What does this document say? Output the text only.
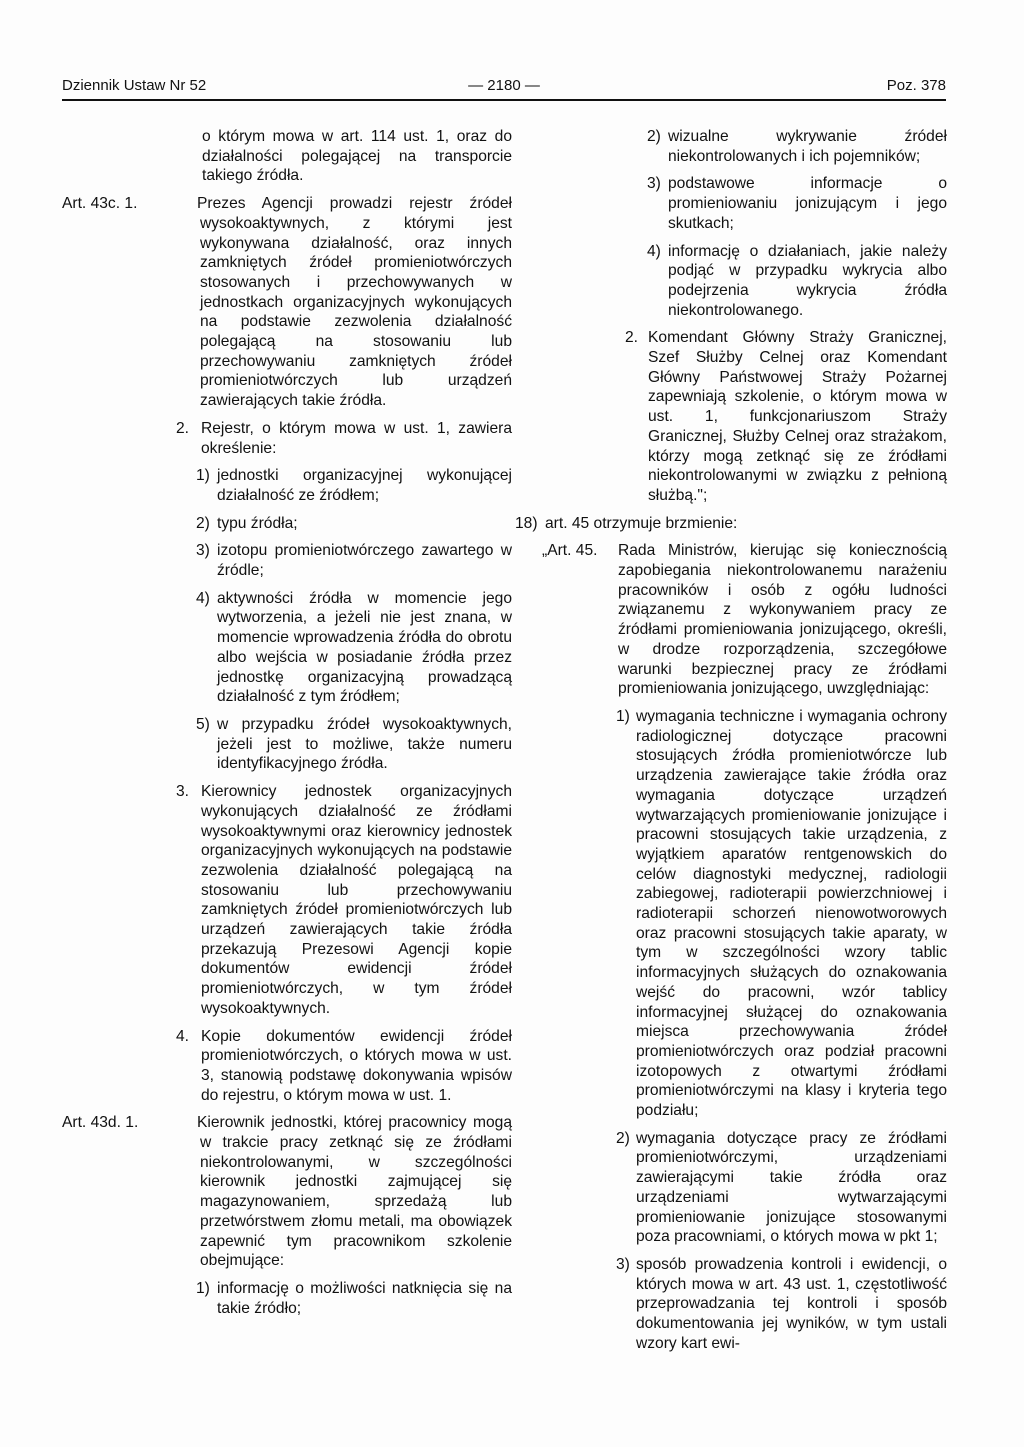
Dziennik Ustaw Nr 52	— 2180 —	Poz. 378

o którym mowa w art. 114 ust. 1, oraz do działalności polegającej na transporcie takiego źródła.

Art. 43c. 1.	Prezes Agencji prowadzi rejestr źródeł wysokoaktywnych, z którymi jest wykonywana działalność, oraz innych zamkniętych źródeł promieniotwórczych stosowanych i przechowywanych w jednostkach organizacyjnych wykonujących na podstawie zezwolenia działalność polegającą na stosowaniu lub przechowywaniu zamkniętych źródeł promieniotwórczych lub urządzeń zawierających takie źródła.

2. Rejestr, o którym mowa w ust. 1, zawiera określenie:

1) jednostki organizacyjnej wykonującej działalność ze źródłem;

2) typu źródła;

3) izotopu promieniotwórczego zawartego w źródle;

4) aktywności źródła w momencie jego wytworzenia, a jeżeli nie jest znana, w momencie wprowadzenia źródła do obrotu albo wejścia w posiadanie źródła przez jednostkę organizacyjną prowadzącą działalność z tym źródłem;

5) w przypadku źródeł wysokoaktywnych, jeżeli jest to możliwe, także numeru identyfikacyjnego źródła.

3. Kierownicy jednostek organizacyjnych wykonujących działalność ze źródłami wysokoaktywnymi oraz kierownicy jednostek organizacyjnych wykonujących na podstawie zezwolenia działalność polegającą na stosowaniu lub przechowywaniu zamkniętych źródeł promieniotwórczych lub urządzeń zawierających takie źródła przekazują Prezesowi Agencji kopie dokumentów ewidencji źródeł promieniotwórczych, w tym źródeł wysokoaktywnych.

4. Kopie dokumentów ewidencji źródeł promieniotwórczych, o których mowa w ust. 3, stanowią podstawę dokonywania wpisów do rejestru, o którym mowa w ust. 1.

Art. 43d. 1.	Kierownik jednostki, której pracownicy mogą w trakcie pracy zetknąć się ze źródłami niekontrolowanymi, w szczególności kierownik jednostki zajmującej się magazynowaniem, sprzedażą lub przetwórstwem złomu metali, ma obowiązek zapewnić tym pracownikom szkolenie obejmujące:

1) informację o możliwości natknięcia się na takie źródło;

2) wizualne wykrywanie źródeł niekontrolowanych i ich pojemników;

3) podstawowe informacje o promieniowaniu jonizującym i jego skutkach;

4) informację o działaniach, jakie należy podjąć w przypadku wykrycia albo podejrzenia wykrycia źródła niekontrolowanego.

2. Komendant Główny Straży Granicznej, Szef Służby Celnej oraz Komendant Główny Państwowej Straży Pożarnej zapewniają szkolenie, o którym mowa w ust. 1, funkcjonariuszom Straży Granicznej, Służby Celnej oraz strażakom, którzy mogą zetknąć się ze źródłami niekontrolowanymi w związku z pełnioną służbą.";

18) art. 45 otrzymuje brzmienie:

„Art. 45. Rada Ministrów, kierując się koniecznością zapobiegania niekontrolowanemu narażeniu pracowników i osób z ogółu ludności związanemu z wykonywaniem pracy ze źródłami promieniowania jonizującego, określi, w drodze rozporządzenia, szczegółowe warunki bezpiecznej pracy ze źródłami promieniowania jonizującego, uwzględniając:

1) wymagania techniczne i wymagania ochrony radiologicznej dotyczące pracowni stosujących źródła promieniotwórcze lub urządzenia zawierające takie źródła oraz wymagania dotyczące urządzeń wytwarzających promieniowanie jonizujące i pracowni stosujących takie urządzenia, z wyjątkiem aparatów rentgenowskich do celów diagnostyki medycznej, radiologii zabiegowej, radioterapii powierzchniowej i radioterapii schorzeń nienowotworowych oraz pracowni stosujących takie aparaty, w tym w szczególności wzory tablic informacyjnych służących do oznakowania wejść do pracowni, wzór tablicy informacyjnej służącej do oznakowania miejsca przechowywania źródeł promieniotwórczych oraz podział pracowni izotopowych z otwartymi źródłami promieniotwórczymi na klasy i kryteria tego podziału;

2) wymagania dotyczące pracy ze źródłami promieniotwórczymi, urządzeniami zawierającymi takie źródła oraz urządzeniami wytwarzającymi promieniowanie jonizujące stosowanymi poza pracowniami, o których mowa w pkt 1;

3) sposób prowadzenia kontroli i ewidencji, o których mowa w art. 43 ust. 1, częstotliwość przeprowadzania tej kontroli i sposób dokumentowania jej wyników, w tym ustali wzory kart ewi-
